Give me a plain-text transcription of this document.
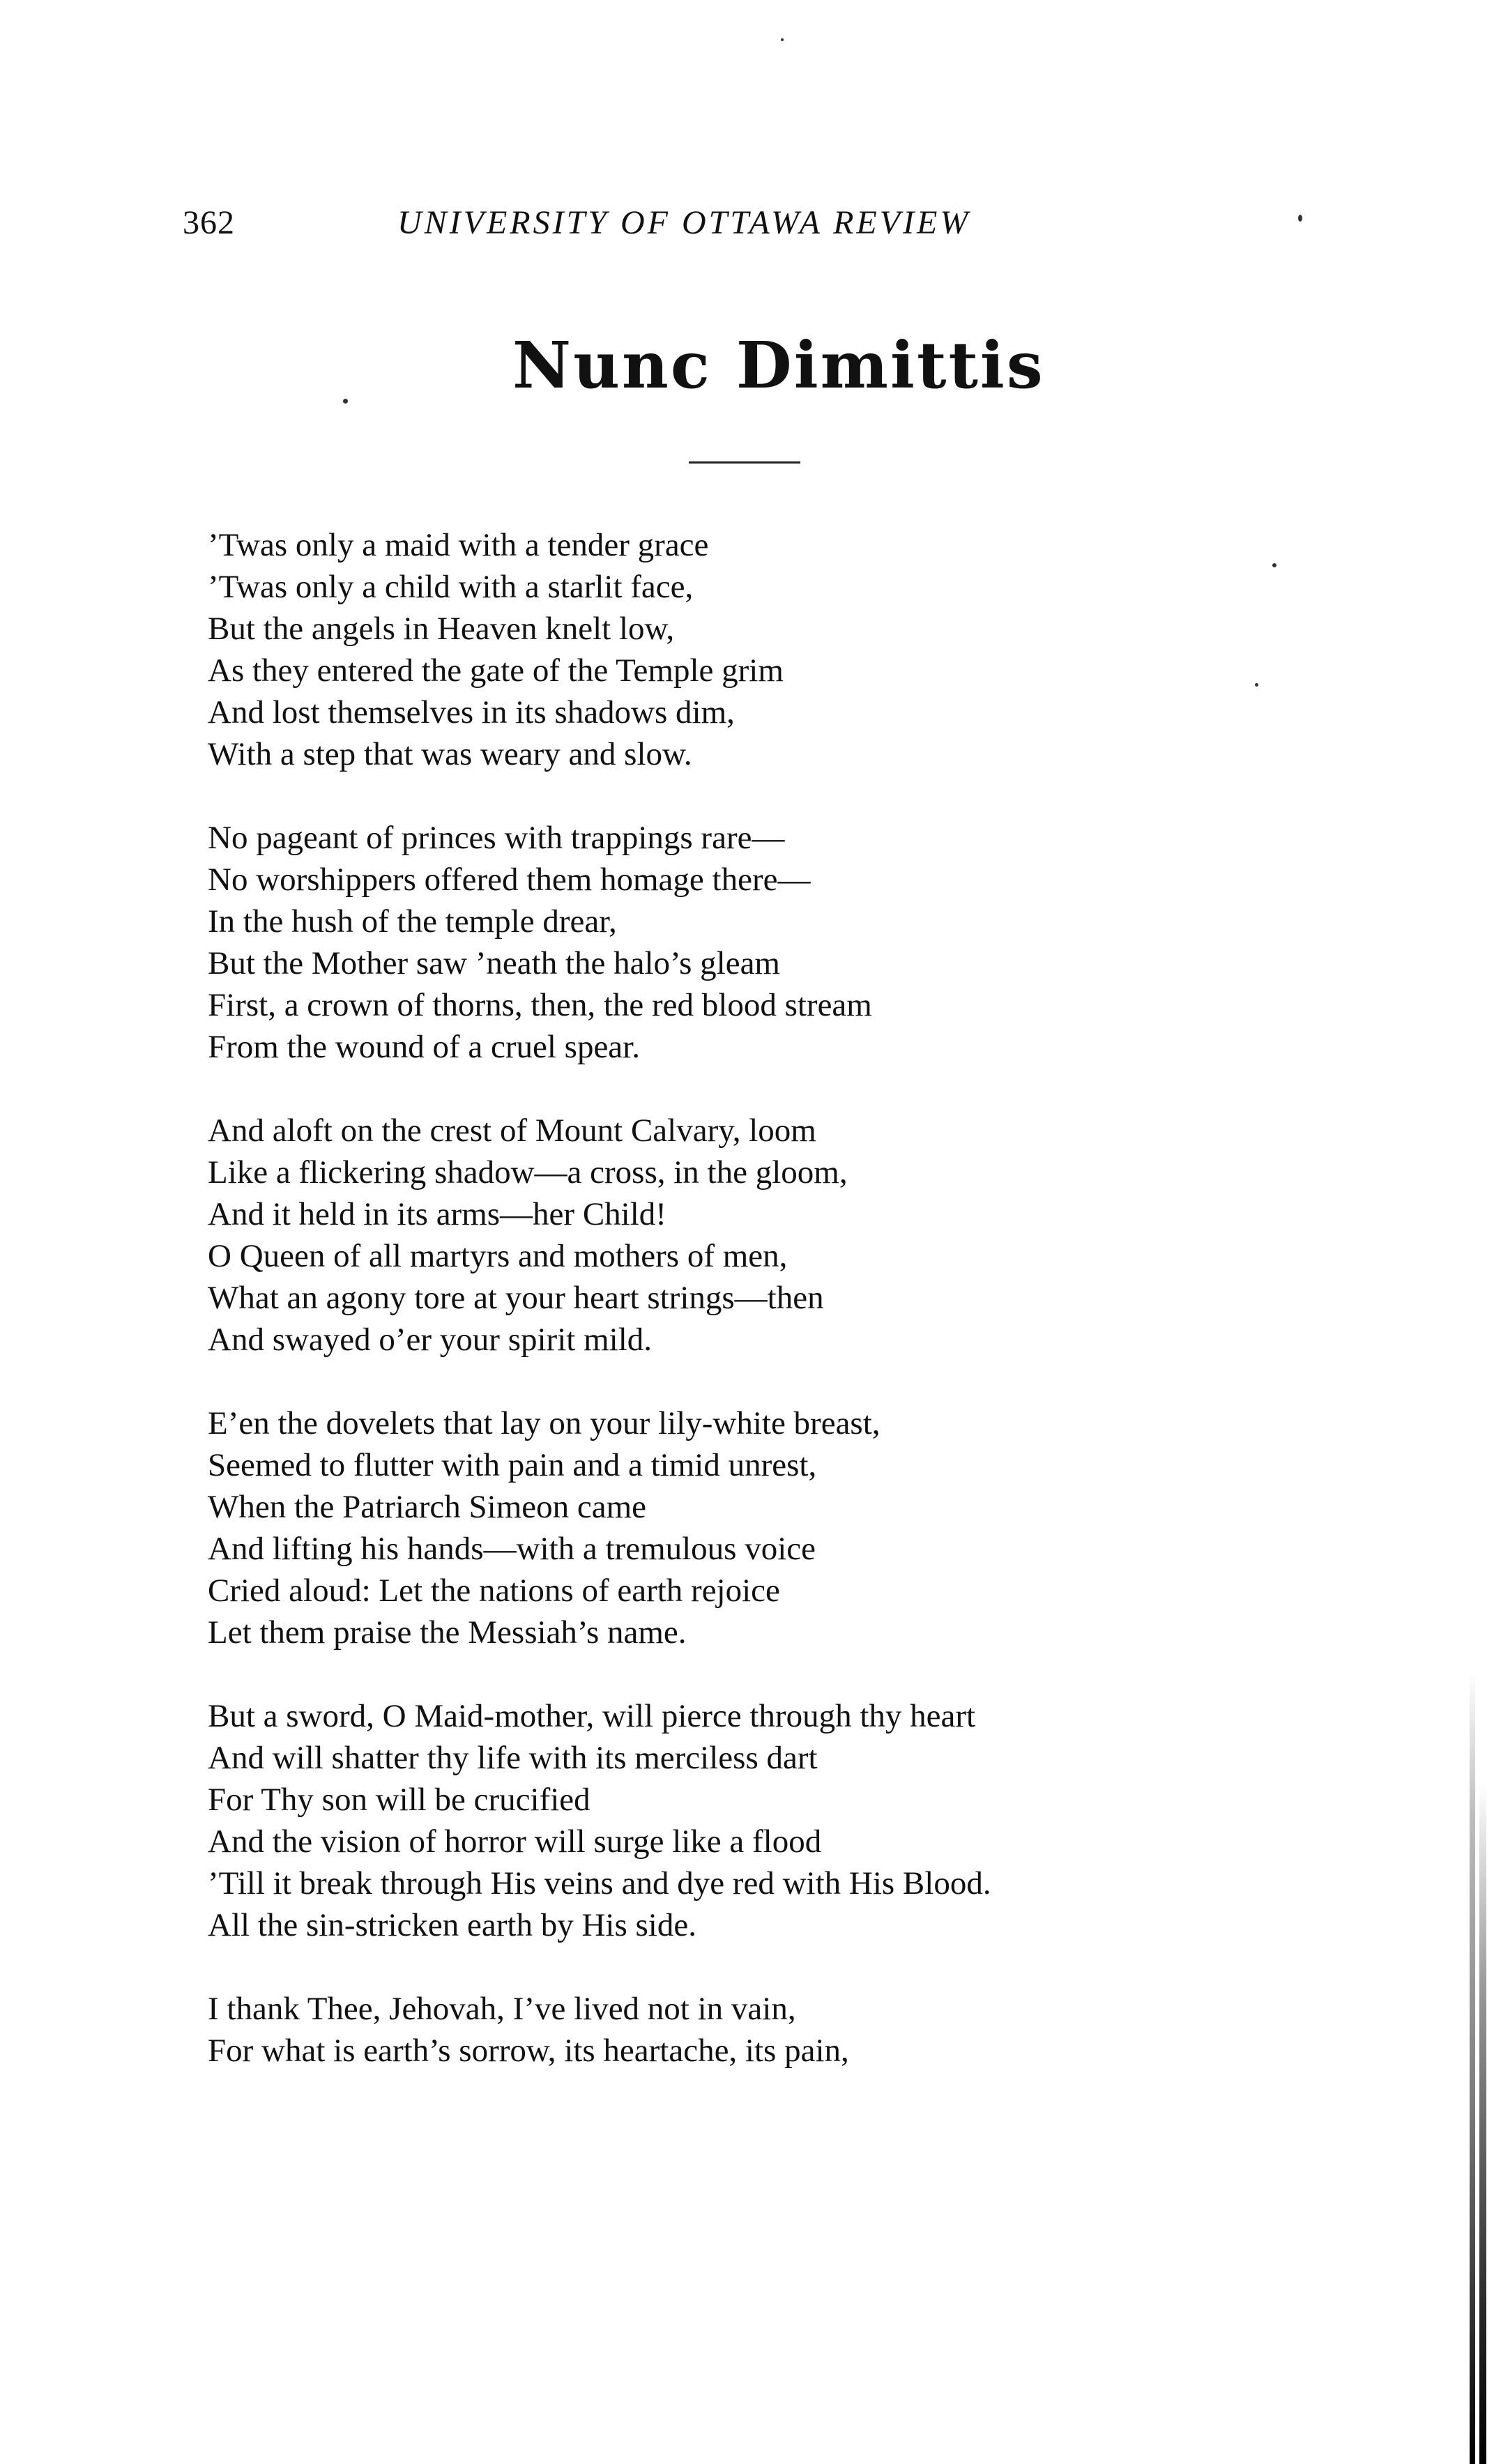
362	UNIVERSITY OF OTTAWA REVIEW
Nunc Dimittis
’Twas only a maid with a tender grace
’Twas only a child with a starlit face,
But the angels in Heaven knelt low,
As they entered the gate of the Temple grim
And lost themselves in its shadows dim,
With a step that was weary and slow.
No pageant of princes with trappings rare—
No worshippers offered them homage there—
In the hush of the temple drear,
But the Mother saw ’neath the halo’s gleam
First, a crown of thorns, then, the red blood stream
From the wound of a cruel spear.
And aloft on the crest of Mount Calvary, loom
Like a flickering shadow—a cross, in the gloom,
And it held in its arms—her Child!
O Queen of all martyrs and mothers of men,
What an agony tore at your heart strings—then
And swayed o’er your spirit mild.
E’en the dovelets that lay on your lily-white breast,
Seemed to flutter with pain and a timid unrest,
When the Patriarch Simeon came
And lifting his hands—with a tremulous voice
Cried aloud: Let the nations of earth rejoice
Let them praise the Messiah’s name.
But a sword, O Maid-mother, will pierce through thy heart
And will shatter thy life with its merciless dart
For Thy son will be crucified
And the vision of horror will surge like a flood
’Till it break through His veins and dye red with His Blood.
All the sin-stricken earth by His side.
I thank Thee, Jehovah, I’ve lived not in vain,
For what is earth’s sorrow, its heartache, its pain,
